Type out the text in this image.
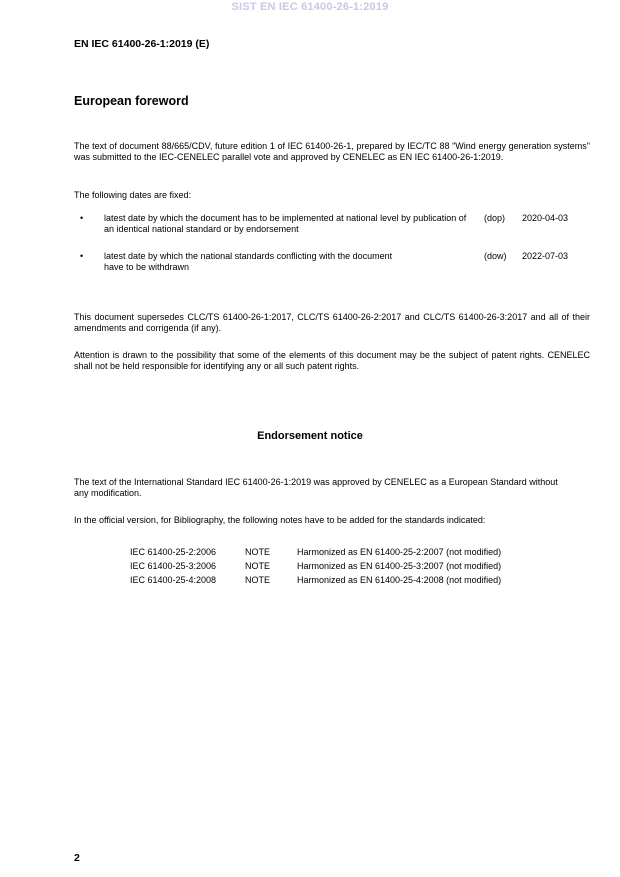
SIST EN IEC 61400-26-1:2019
EN IEC 61400-26-1:2019 (E)
European foreword
The text of document 88/665/CDV, future edition 1 of IEC 61400-26-1, prepared by IEC/TC 88 "Wind energy generation systems" was submitted to the IEC-CENELEC parallel vote and approved by CENELEC as EN IEC 61400-26-1:2019.
The following dates are fixed:
• latest date by which the document has to be implemented at national level by publication of an identical national standard or by endorsement
(dop) 2020-04-03
• latest date by which the national standards conflicting with the document have to be withdrawn
(dow) 2022-07-03
This document supersedes CLC/TS 61400-26-1:2017, CLC/TS 61400-26-2:2017 and CLC/TS 61400-26-3:2017 and all of their amendments and corrigenda (if any).
Attention is drawn to the possibility that some of the elements of this document may be the subject of patent rights. CENELEC shall not be held responsible for identifying any or all such patent rights.
Endorsement notice
The text of the International Standard IEC 61400-26-1:2019 was approved by CENELEC as a European Standard without any modification.
In the official version, for Bibliography, the following notes have to be added for the standards indicated:
IEC 61400-25-2:2006	NOTE	Harmonized as EN 61400-25-2:2007 (not modified)
IEC 61400-25-3:2006	NOTE	Harmonized as EN 61400-25-3:2007 (not modified)
IEC 61400-25-4:2008	NOTE	Harmonized as EN 61400-25-4:2008 (not modified)
2
